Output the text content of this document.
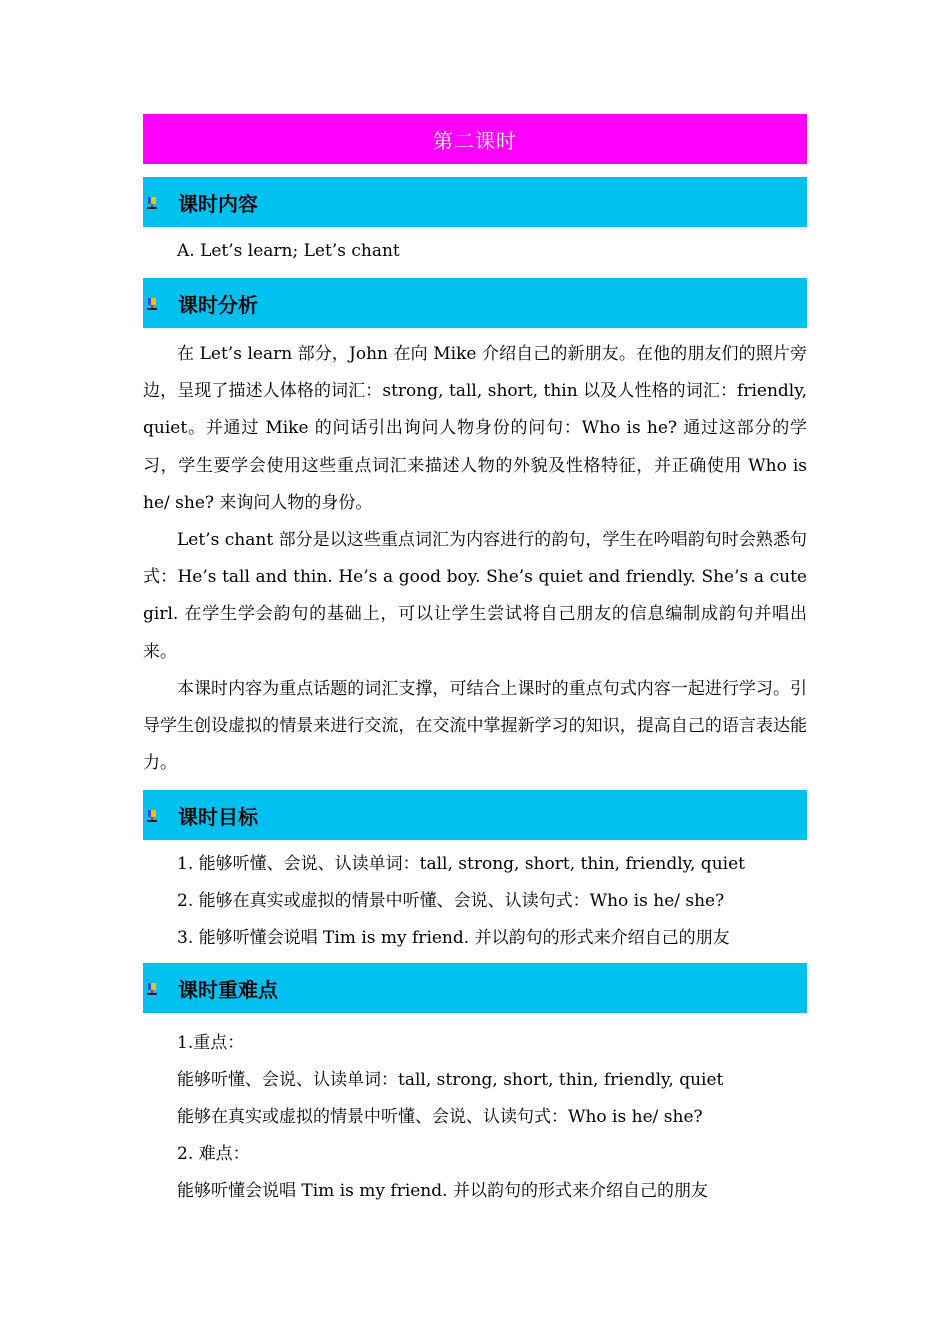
第二课时
课时内容
A. Let’s learn; Let’s chant
课时分析

在 Let’s learn 部分，John 在向 Mike 介绍自己的新朋友。在他的朋友们的照片旁边，呈现了描述人体格的词汇：strong, tall, short, thin 以及人性格的词汇：friendly, quiet。并通过 Mike 的问话引出询问人物身份的问句：Who is he? 通过这部分的学习，学生要学会使用这些重点词汇来描述人物的外貌及性格特征，并正确使用 Who is he/ she? 来询问人物的身份。

Let’s chant 部分是以这些重点词汇为内容进行的韵句，学生在吟唱韵句时会熟悉句式：He’s tall and thin. He’s a good boy. She’s quiet and friendly. She’s a cute girl. 在学生学会韵句的基础上，可以让学生尝试将自己朋友的信息编制成韵句并唱出来。

本课时内容为重点话题的词汇支撑，可结合上课时的重点句式内容一起进行学习。引导学生创设虚拟的情景来进行交流，在交流中掌握新学习的知识，提高自己的语言表达能力。

课时目标
1. 能够听懂、会说、认读单词：tall, strong, short, thin, friendly, quiet
2. 能够在真实或虚拟的情景中听懂、会说、认读句式：Who is he/ she?
3. 能够听懂会说唱 Tim is my friend. 并以韵句的形式来介绍自己的朋友
课时重难点
1.重点：
能够听懂、会说、认读单词：tall, strong, short, thin, friendly, quiet
能够在真实或虚拟的情景中听懂、会说、认读句式：Who is he/ she?
2. 难点：
能够听懂会说唱 Tim is my friend. 并以韵句的形式来介绍自己的朋友
